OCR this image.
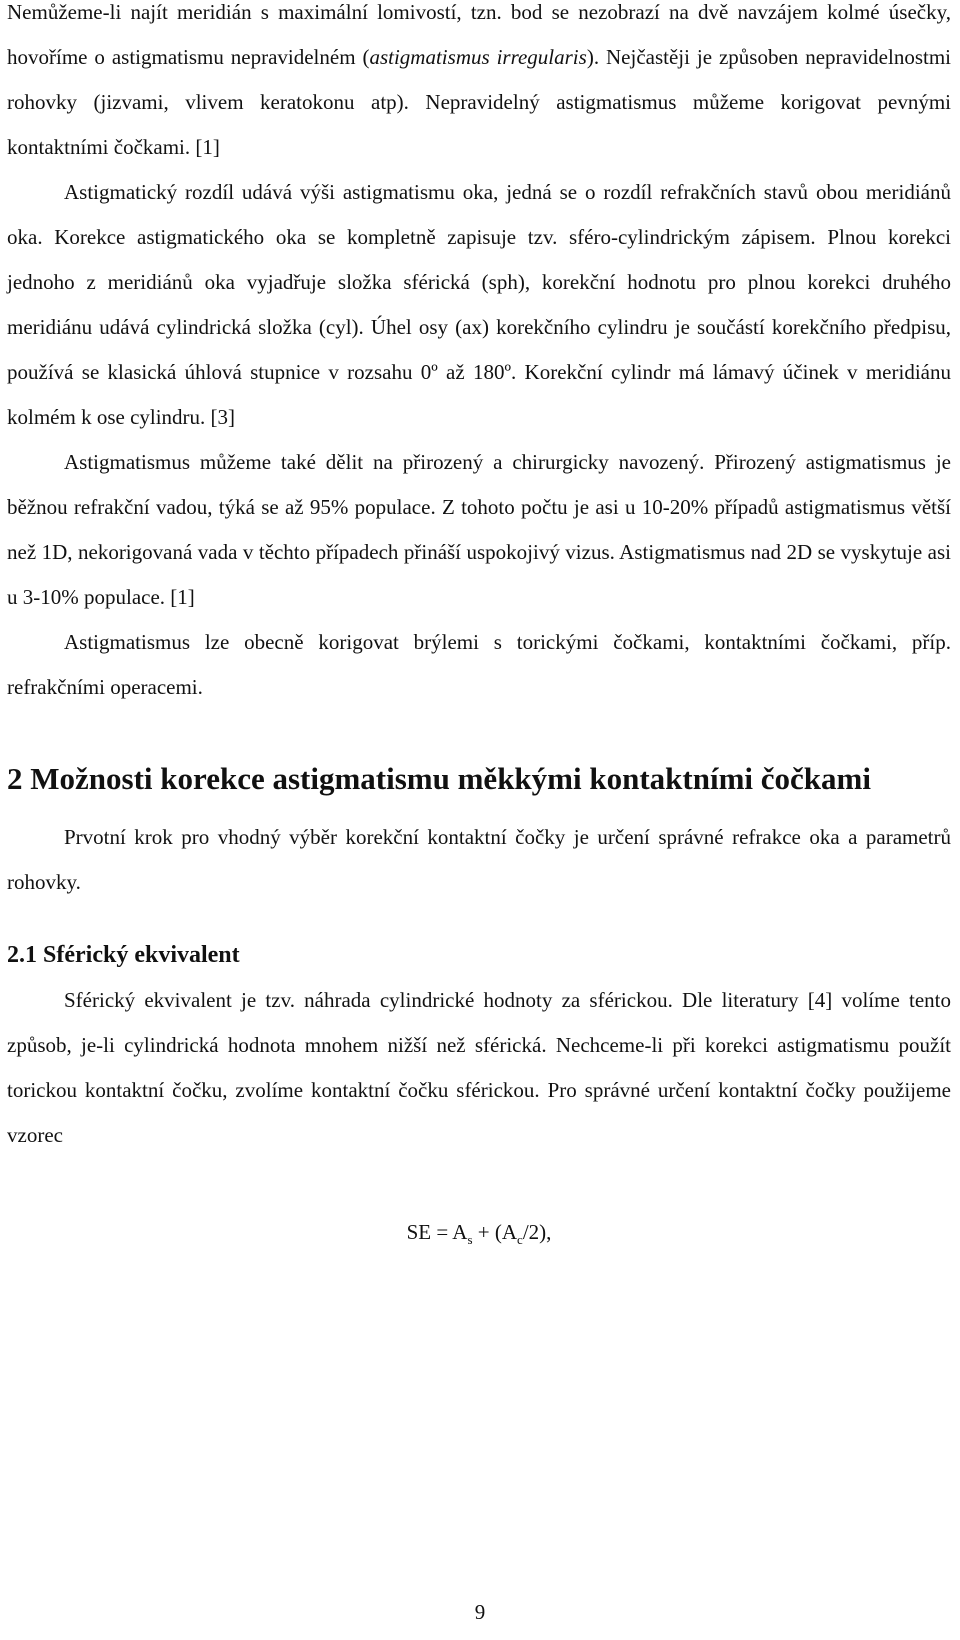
Nemůžeme-li najít meridián s maximální lomivostí, tzn. bod se nezobrazí na dvě navzájem kolmé úsečky, hovoříme o astigmatismu nepravidelném (astigmatismus irregularis). Nejčastěji je způsoben nepravidelnostmi rohovky (jizvami, vlivem keratokonu atp). Nepravidelný astigmatismus můžeme korigovat pevnými kontaktními čočkami. [1]

Astigmatický rozdíl udává výši astigmatismu oka, jedná se o rozdíl refrakčních stavů obou meridiánů oka. Korekce astigmatického oka se kompletně zapisuje tzv. sféro-cylindrickým zápisem. Plnou korekci jednoho z meridiánů oka vyjadřuje složka sférická (sph), korekční hodnotu pro plnou korekci druhého meridiánu udává cylindrická složka (cyl). Úhel osy (ax) korekčního cylindru je součástí korekčního předpisu, používá se klasická úhlová stupnice v rozsahu 0º až 180º. Korekční cylindr má lámavý účinek v meridiánu kolmém k ose cylindru. [3]

Astigmatismus můžeme také dělit na přirozený a chirurgicky navozený. Přirozený astigmatismus je běžnou refrakční vadou, týká se až 95% populace. Z tohoto počtu je asi u 10-20% případů astigmatismus větší než 1D, nekorigovaná vada v těchto případech přináší uspokojivý vizus. Astigmatismus nad 2D se vyskytuje asi u 3-10% populace. [1]

Astigmatismus lze obecně korigovat brýlemi s torickými čočkami, kontaktními čočkami, příp. refrakčními operacemi.

2 Možnosti korekce astigmatismu měkkými kontaktními čočkami

Prvotní krok pro vhodný výběr korekční kontaktní čočky je určení správné refrakce oka a parametrů rohovky.

2.1 Sférický ekvivalent

Sférický ekvivalent je tzv. náhrada cylindrické hodnoty za sférickou. Dle literatury [4] volíme tento způsob, je-li cylindrická hodnota mnohem nižší než sférická. Nechceme-li při korekci astigmatismu použít torickou kontaktní čočku, zvolíme kontaktní čočku sférickou. Pro správné určení kontaktní čočky použijeme vzorec

SE = $A_s + (A_c/2)$,

9
